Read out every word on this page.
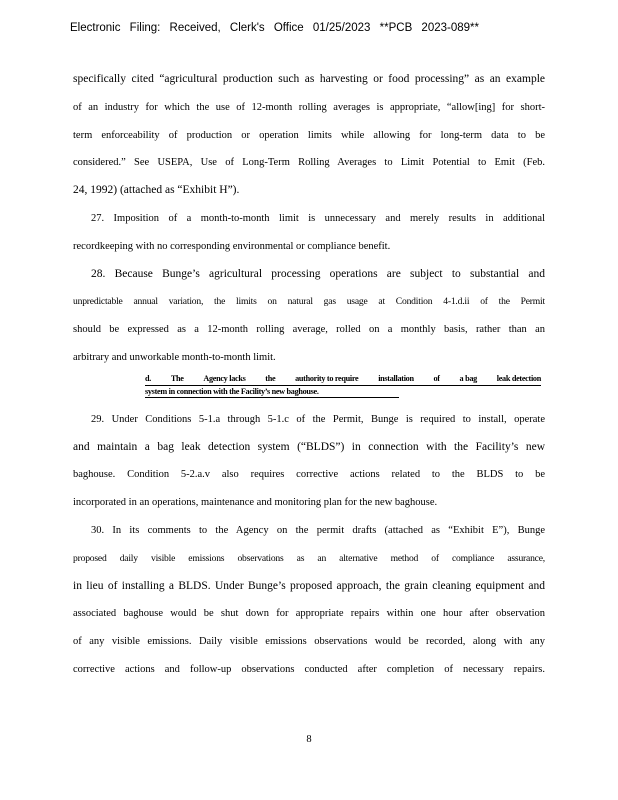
Electronic Filing: Received, Clerk's Office 01/25/2023 **PCB 2023-089**
specifically cited “agricultural production such as harvesting or food processing” as an example
of an industry for which the use of 12-month rolling averages is appropriate, “allow[ing] for short-
term enforceability of production or operation limits while allowing for long-term data to be
considered.” See USEPA, Use of Long-Term Rolling Averages to Limit Potential to Emit (Feb.
24, 1992) (attached as “Exhibit H”).
27. Imposition of a month-to-month limit is unnecessary and merely results in additional
recordkeeping with no corresponding environmental or compliance benefit.
28. Because Bunge’s agricultural processing operations are subject to substantial and
unpredictable annual variation, the limits on natural gas usage at Condition 4-1.d.ii of the Permit
should be expressed as a 12-month rolling average, rolled on a monthly basis, rather than an
arbitrary and unworkable month-to-month limit.
d. The Agency lacks the authority to require installation of a bag leak detection
system in connection with the Facility’s new baghouse.
29. Under Conditions 5-1.a through 5-1.c of the Permit, Bunge is required to install, operate
and maintain a bag leak detection system (“BLDS”) in connection with the Facility’s new
baghouse. Condition 5-2.a.v also requires corrective actions related to the BLDS to be
incorporated in an operations, maintenance and monitoring plan for the new baghouse.
30. In its comments to the Agency on the permit drafts (attached as “Exhibit E”), Bunge
proposed daily visible emissions observations as an alternative method of compliance assurance,
in lieu of installing a BLDS. Under Bunge’s proposed approach, the grain cleaning equipment and
associated baghouse would be shut down for appropriate repairs within one hour after observation
of any visible emissions. Daily visible emissions observations would be recorded, along with any
corrective actions and follow-up observations conducted after completion of necessary repairs.
8
